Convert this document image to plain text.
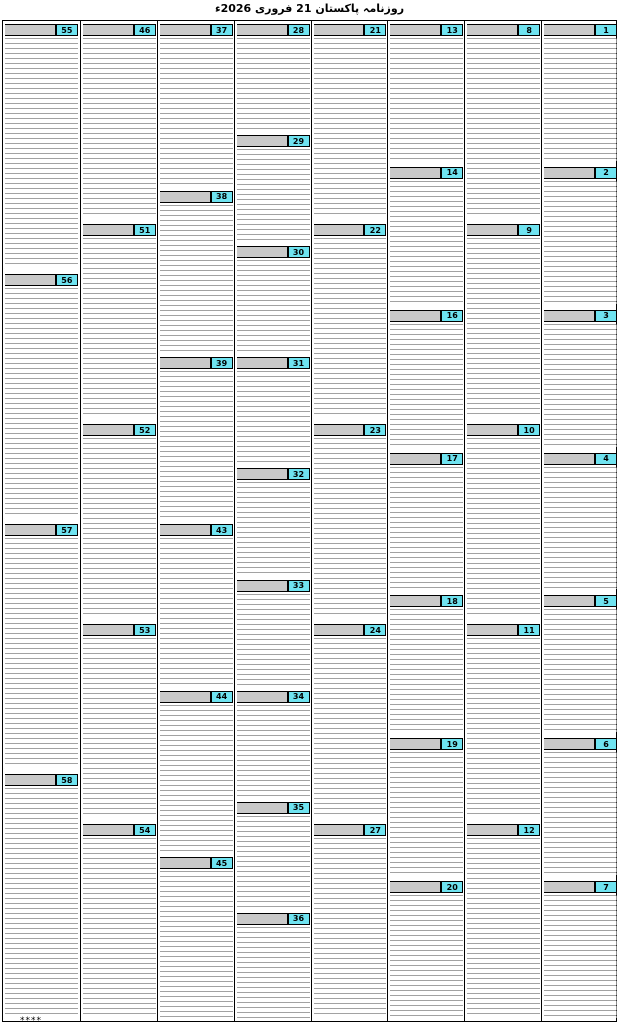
روزنامہ پاکستان 21 فروری 2026ء
55
56
57
58
46
51
52
53
54
37
38
39
43
44
45
28
29
30
31
32
33
34
35
36
21
22
23
24
27
13
14
16
17
18
19
20
8
9
10
11
12
1
2
3
4
5
6
7
****
